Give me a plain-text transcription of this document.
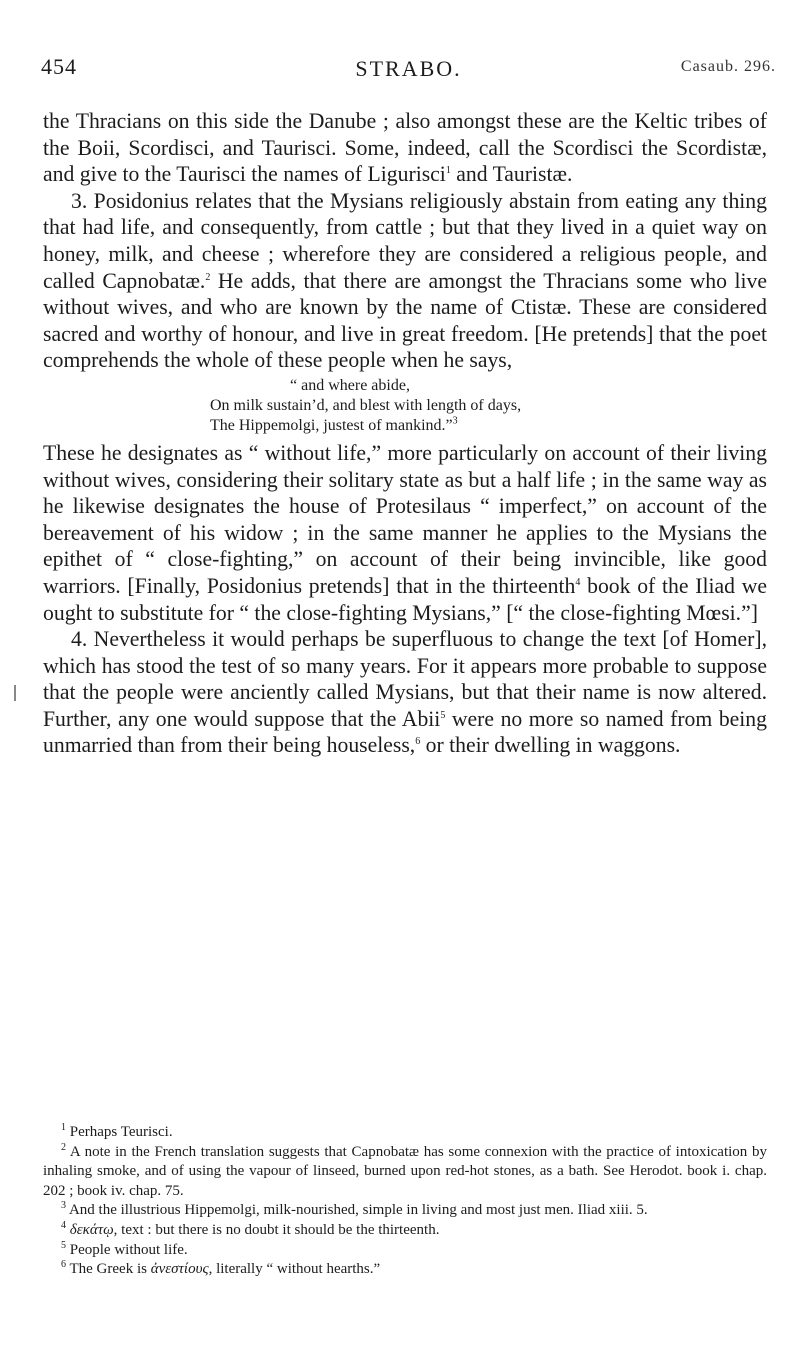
454	STRABO.	Casaub. 296.

the Thracians on this side the Danube ; also amongst these are the Keltic tribes of the Boii, Scordisci, and Taurisci. Some, indeed, call the Scordisci the Scordistæ, and give to the Taurisci the names of Ligurisci$^1$ and Tauristæ.

3. Posidonius relates that the Mysians religiously abstain from eating any thing that had life, and consequently, from cattle ; but that they lived in a quiet way on honey, milk, and cheese ; wherefore they are considered a religious people, and called Capnobatæ.$^2$ He adds, that there are amongst the Thracians some who live without wives, and who are known by the name of Ctistæ. These are considered sacred and worthy of honour, and live in great freedom. [He pretends] that the poet comprehends the whole of these people when he says,

“ and where abide,
On milk sustain’d, and blest with length of days,
The Hippemolgi, justest of mankind.”$^3$

These he designates as “ without life,” more particularly on account of their living without wives, considering their solitary state as but a half life ; in the same way as he likewise designates the house of Protesilaus “ imperfect,” on account of the bereavement of his widow ; in the same manner he applies to the Mysians the epithet of “ close-fighting,” on account of their being invincible, like good warriors. [Finally, Posidonius pretends] that in the thirteenth$^4$ book of the Iliad we ought to substitute for “ the close-fighting Mysians,” [“ the close-fighting Mœsi.”]

4. Nevertheless it would perhaps be superfluous to change the text [of Homer], which has stood the test of so many years. For it appears more probable to suppose that the people were anciently called Mysians, but that their name is now altered. Further, any one would suppose that the Abii$^5$ were no more so named from being unmarried than from their being houseless,$^6$ or their dwelling in waggons.

$^1$ Perhaps Teurisci.

$^2$ A note in the French translation suggests that Capnobatæ has some connexion with the practice of intoxication by inhaling smoke, and of using the vapour of linseed, burned upon red-hot stones, as a bath. See Herodot. book i. chap. 202 ; book iv. chap. 75.

$^3$ And the illustrious Hippemolgi, milk-nourished, simple in living and most just men. Iliad xiii. 5.

$^4$ δεκάτῳ, text : but there is no doubt it should be the thirteenth.

$^5$ People without life.

$^6$ The Greek is ἀνεστίους, literally “ without hearths.”
